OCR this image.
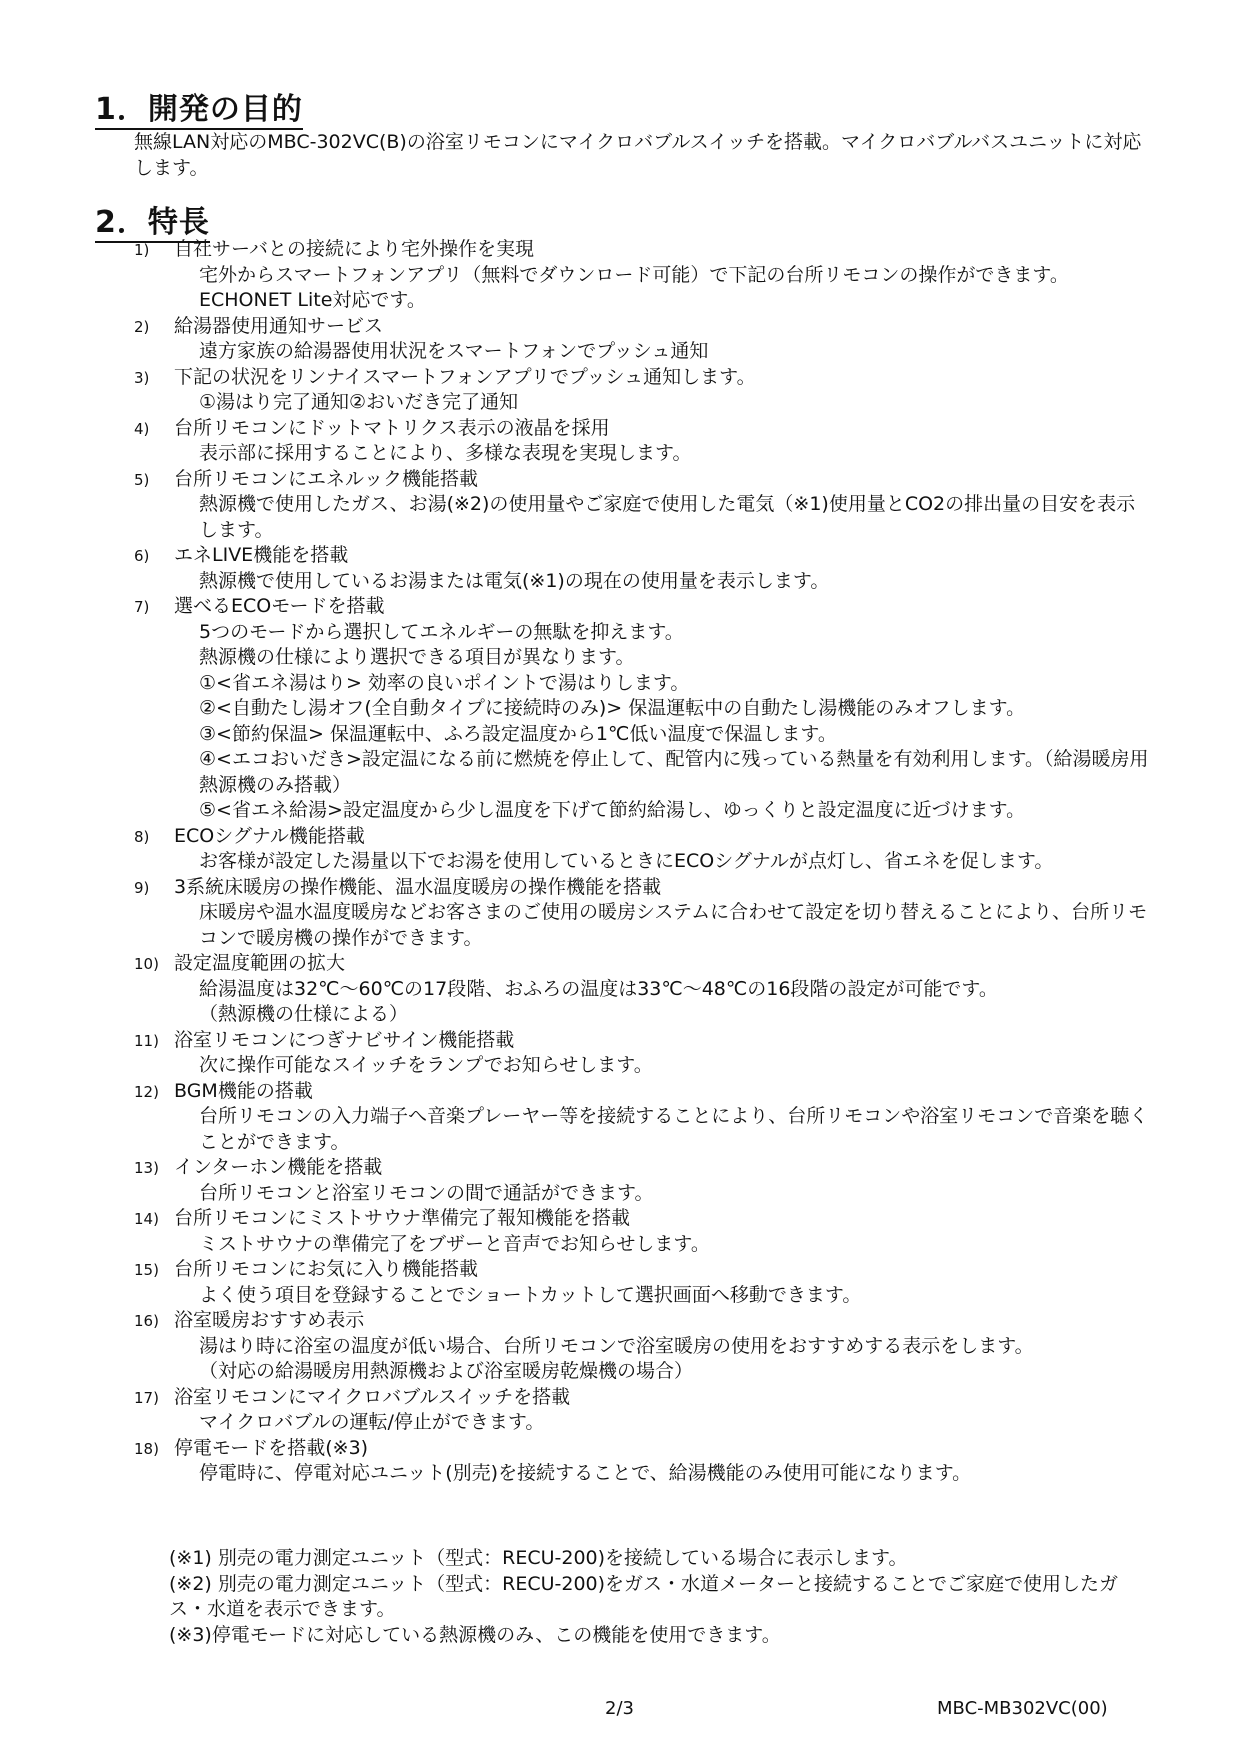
1．開発の目的

無線LAN対応のMBC-302VC(B)の浴室リモコンにマイクロバブルスイッチを搭載。マイクロバブルバスユニットに対応します。

2．特長
1) 自社サーバとの接続により宅外操作を実現
宅外からスマートフォンアプリ（無料でダウンロード可能）で下記の台所リモコンの操作ができます。
ECHONET Lite対応です。
2) 給湯器使用通知サービス
遠方家族の給湯器使用状況をスマートフォンでプッシュ通知
3) 下記の状況をリンナイスマートフォンアプリでプッシュ通知します。
①湯はり完了通知②おいだき完了通知
4) 台所リモコンにドットマトリクス表示の液晶を採用
表示部に採用することにより、多様な表現を実現します。
5) 台所リモコンにエネルック機能搭載
熱源機で使用したガス、お湯(※2)の使用量やご家庭で使用した電気（※1)使用量とCO2の排出量の目安を表示します。
6) エネLIVE機能を搭載
熱源機で使用しているお湯または電気(※1)の現在の使用量を表示します。
7) 選べるECOモードを搭載
5つのモードから選択してエネルギーの無駄を抑えます。
熱源機の仕様により選択できる項目が異なります。
①<省エネ湯はり> 効率の良いポイントで湯はりします。
②<自動たし湯オフ(全自動タイプに接続時のみ)> 保温運転中の自動たし湯機能のみオフします。
③<節約保温> 保温運転中、ふろ設定温度から1℃低い温度で保温します。
④<エコおいだき>設定温になる前に燃焼を停止して、配管内に残っている熱量を有効利用します。（給湯暖房用熱源機のみ搭載）
⑤<省エネ給湯>設定温度から少し温度を下げて節約給湯し、ゆっくりと設定温度に近づけます。
8) ECOシグナル機能搭載
お客様が設定した湯量以下でお湯を使用しているときにECOシグナルが点灯し、省エネを促します。
9) 3系統床暖房の操作機能、温水温度暖房の操作機能を搭載
床暖房や温水温度暖房などお客さまのご使用の暖房システムに合わせて設定を切り替えることにより、台所リモコンで暖房機の操作ができます。
10) 設定温度範囲の拡大
給湯温度は32℃～60℃の17段階、おふろの温度は33℃～48℃の16段階の設定が可能です。
（熱源機の仕様による）
11) 浴室リモコンにつぎナビサイン機能搭載
次に操作可能なスイッチをランプでお知らせします。
12) BGM機能の搭載
台所リモコンの入力端子へ音楽プレーヤー等を接続することにより、台所リモコンや浴室リモコンで音楽を聴くことができます。
13) インターホン機能を搭載
台所リモコンと浴室リモコンの間で通話ができます。
14) 台所リモコンにミストサウナ準備完了報知機能を搭載
ミストサウナの準備完了をブザーと音声でお知らせします。
15) 台所リモコンにお気に入り機能搭載
よく使う項目を登録することでショートカットして選択画面へ移動できます。
16) 浴室暖房おすすめ表示
湯はり時に浴室の温度が低い場合、台所リモコンで浴室暖房の使用をおすすめする表示をします。
（対応の給湯暖房用熱源機および浴室暖房乾燥機の場合）
17) 浴室リモコンにマイクロバブルスイッチを搭載
マイクロバブルの運転/停止ができます。
18) 停電モードを搭載(※3)
停電時に、停電対応ユニット(別売)を接続することで、給湯機能のみ使用可能になります。
(※1) 別売の電力測定ユニット（型式：RECU-200)を接続している場合に表示します。
(※2) 別売の電力測定ユニット（型式：RECU-200)をガス・水道メーターと接続することでご家庭で使用したガス・水道を表示できます。
(※3)停電モードに対応している熱源機のみ、この機能を使用できます。
2/3	MBC-MB302VC(00)
